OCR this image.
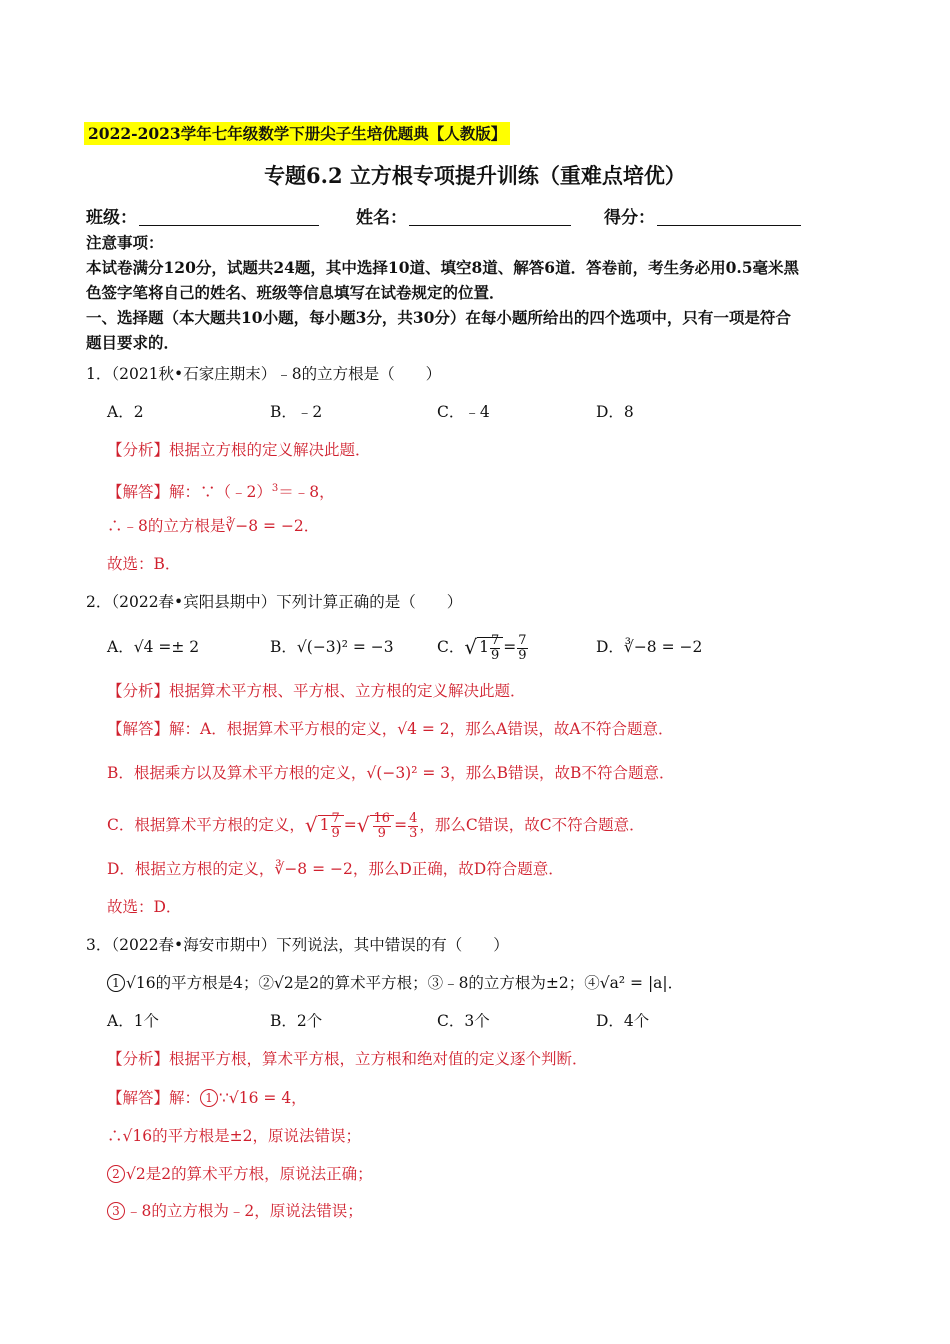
2022-2023学年七年级数学下册尖子生培优题典【人教版】
专题6.2 立方根专项提升训练（重难点培优）
班级：	姓名：	得分：
注意事项：
本试卷满分120分，试题共24题，其中选择10道、填空8道、解答6道．答卷前，考生务必用0.5毫米黑
色签字笔将自己的姓名、班级等信息填写在试卷规定的位置．
一、选择题（本大题共10小题，每小题3分，共30分）在每小题所给出的四个选项中，只有一项是符合
题目要求的．
1．（2021秋•石家庄期末）﹣8的立方根是（　　）
A．2	B．﹣2	C．﹣4	D．8
【分析】根据立方根的定义解决此题．
【解答】解：∵（﹣2）$^3$＝﹣8，
∴﹣8的立方根是∛−8 = −2．
故选：B．
2．（2022春•宾阳县期中）下列计算正确的是（　　）
A．√4 =± 2	B．√(−3)² = −3	C．√ $1 \frac{7}{9} = \frac{7}{9}$	D．∛−8 = −2
【分析】根据算术平方根、平方根、立方根的定义解决此题．
【解答】解：A．根据算术平方根的定义，√4 = 2，那么A错误，故A不符合题意．
B．根据乘方以及算术平方根的定义，√(−3)² = 3，那么B错误，故B不符合题意．
C．根据算术平方根的定义，√ $1 \frac{7}{9}$ =√ $\frac{16}{9} = \frac{4}{3}$ ，那么C错误，故C不符合题意．
D．根据立方根的定义，∛−8 = −2，那么D正确，故D符合题意．
故选：D．
3．（2022春•海安市期中）下列说法，其中错误的有（　　）
1 √16的平方根是4；②√2是2的算术平方根；③﹣8的立方根为±2；④√a² = |a|．
A．1个	B．2个	C．3个	D．4个
【分析】根据平方根，算术平方根，立方根和绝对值的定义逐个判断．
【解答】解： 1 ∵√16 = 4，
∴√16的平方根是±2，原说法错误；
2 √2是2的算术平方根，原说法正确；
3 ﹣8的立方根为﹣2，原说法错误；
